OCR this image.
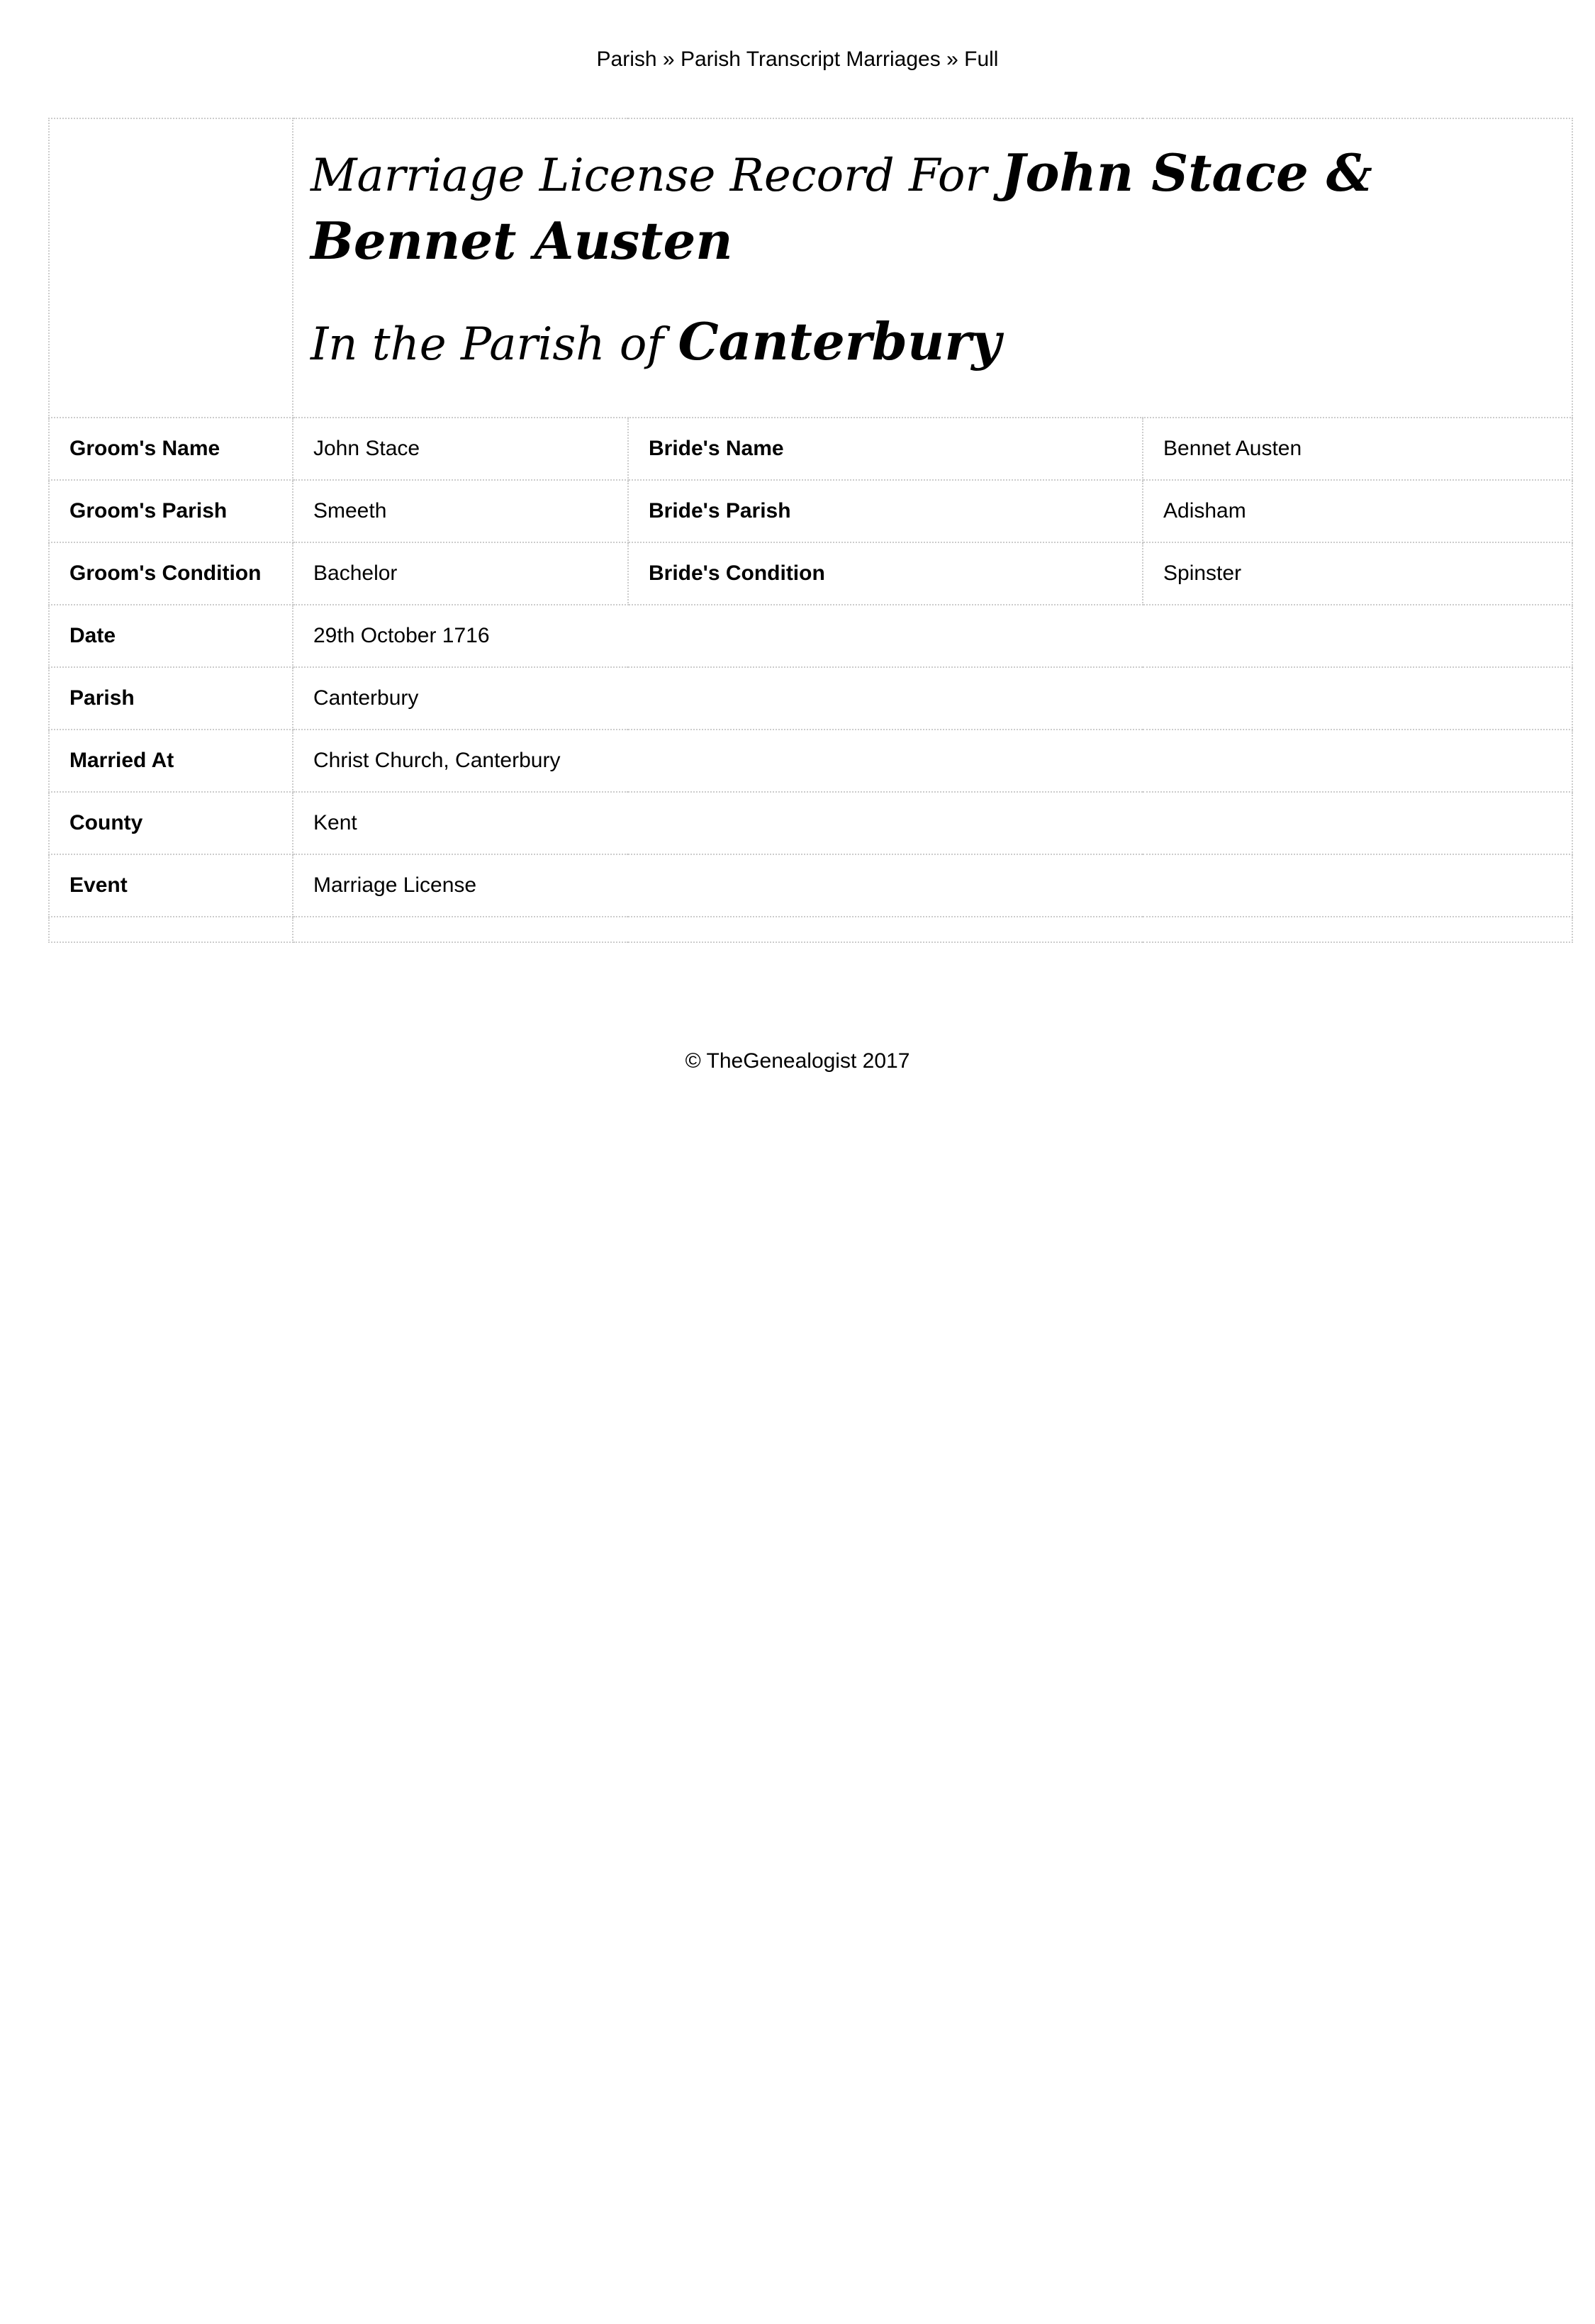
Parish » Parish Transcript Marriages » Full

	Marriage License Record For John Stace & Bennet Austen
In the Parish of Canterbury		

Groom's Name	John Stace	Bride's Name	Bennet Austen
Groom's Parish	Smeeth	Bride's Parish	Adisham
Groom's Condition	Bachelor	Bride's Condition	Spinster
Date	29th October 1716		
Parish	Canterbury		
Married At	Christ Church, Canterbury		
County	Kent		
Event	Marriage License		

© TheGenealogist 2017
